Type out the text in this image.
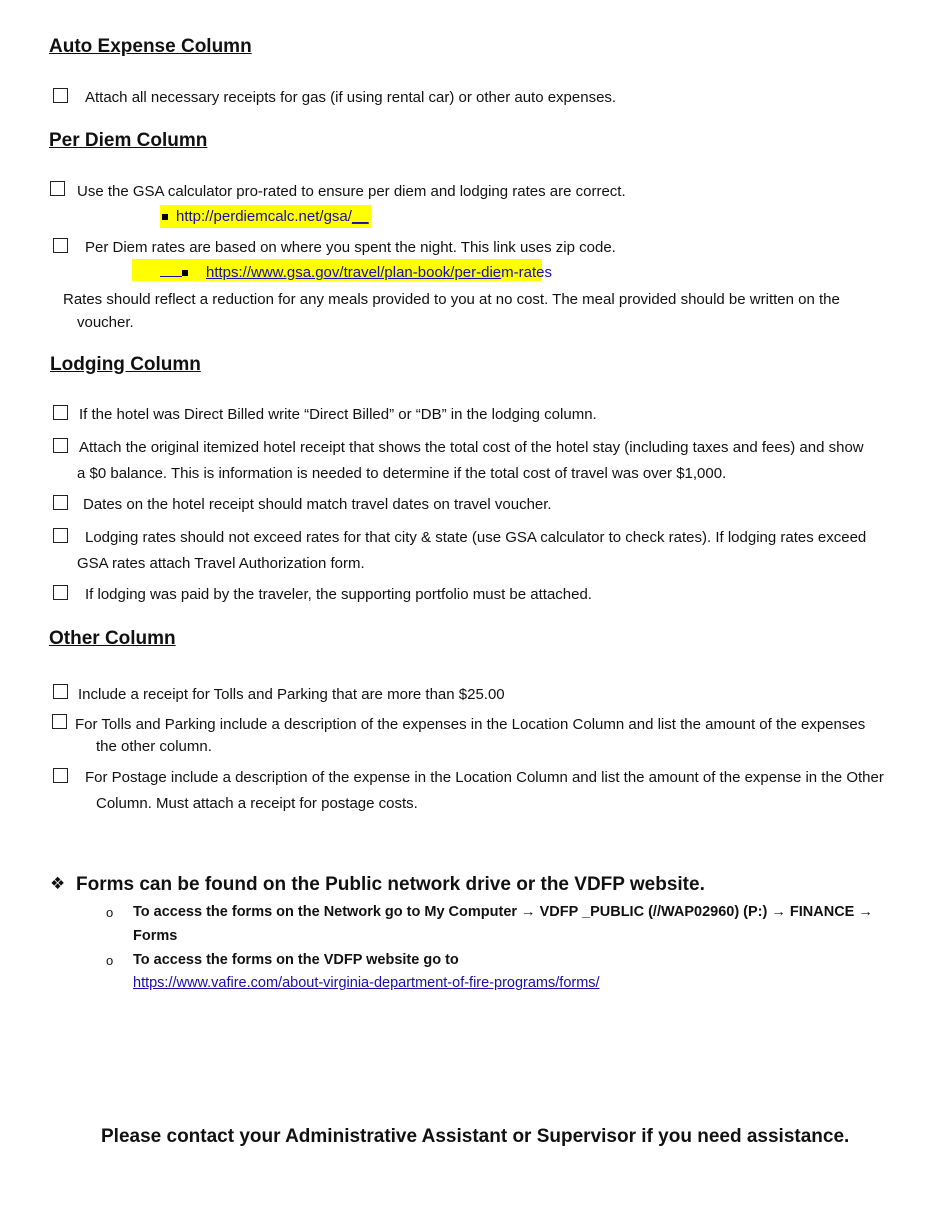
Auto Expense Column
Attach all necessary receipts for gas (if using rental car) or other auto expenses.
Per Diem Column
Use the GSA calculator pro-rated to ensure per diem and lodging rates are correct.
http://perdiemcalc.net/gsa/__
Per Diem rates are based on where you spent the night. This link uses zip code.
https://www.gsa.gov/travel/plan-book/per-diem-rates
Rates should reflect a reduction for any meals provided to you at no cost. The meal provided should be written on the
voucher.
Lodging Column
If the hotel was Direct Billed write “Direct Billed” or “DB” in the lodging column.
Attach the original itemized hotel receipt that shows the total cost of the hotel stay (including taxes and fees) and show
a $0 balance. This is information is needed to determine if the total cost of travel was over $1,000.
Dates on the hotel receipt should match travel dates on travel voucher.
Lodging rates should not exceed rates for that city & state (use GSA calculator to check rates). If lodging rates exceed
GSA rates attach Travel Authorization form.
If lodging was paid by the traveler, the supporting portfolio must be attached.
Other Column
Include a receipt for Tolls and Parking that are more than $25.00
For Tolls and Parking include a description of the expenses in the Location Column and list the amount of the expenses
the other column.
For Postage include a description of the expense in the Location Column and list the amount of the expense in the Other
Column. Must attach a receipt for postage costs.
❖ Forms can be found on the Public network drive or the VDFP website.
o To access the forms on the Network go to My Computer → VDFP _PUBLIC (//WAP02960) (P:) → FINANCE →
Forms
o To access the forms on the VDFP website go to
https://www.vafire.com/about-virginia-department-of-fire-programs/forms/
Please contact your Administrative Assistant or Supervisor if you need assistance.
